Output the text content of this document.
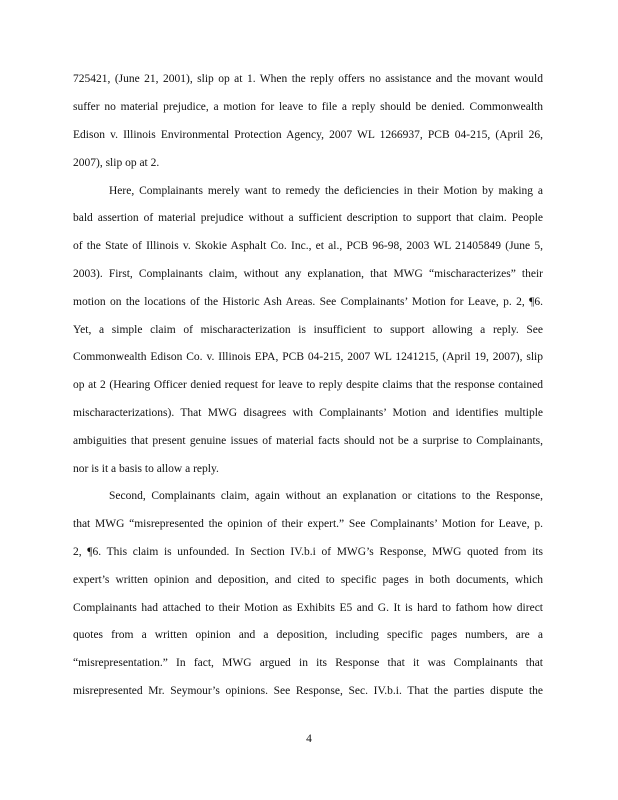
725421, (June 21, 2001), slip op at 1. When the reply offers no assistance and the movant would
suffer no material prejudice, a motion for leave to file a reply should be denied. Commonwealth
Edison v. Illinois Environmental Protection Agency, 2007 WL 1266937, PCB 04-215, (April 26,
2007), slip op at 2.
Here, Complainants merely want to remedy the deficiencies in their Motion by making a
bald assertion of material prejudice without a sufficient description to support that claim. People
of the State of Illinois v. Skokie Asphalt Co. Inc., et al., PCB 96-98, 2003 WL 21405849 (June 5,
2003). First, Complainants claim, without any explanation, that MWG “mischaracterizes” their
motion on the locations of the Historic Ash Areas. See Complainants’ Motion for Leave, p. 2, ¶6.
Yet, a simple claim of mischaracterization is insufficient to support allowing a reply. See
Commonwealth Edison Co. v. Illinois EPA, PCB 04-215, 2007 WL 1241215, (April 19, 2007), slip
op at 2 (Hearing Officer denied request for leave to reply despite claims that the response contained
mischaracterizations). That MWG disagrees with Complainants’ Motion and identifies multiple
ambiguities that present genuine issues of material facts should not be a surprise to Complainants,
nor is it a basis to allow a reply.
Second, Complainants claim, again without an explanation or citations to the Response,
that MWG “misrepresented the opinion of their expert.” See Complainants’ Motion for Leave, p.
2, ¶6. This claim is unfounded. In Section IV.b.i of MWG’s Response, MWG quoted from its
expert’s written opinion and deposition, and cited to specific pages in both documents, which
Complainants had attached to their Motion as Exhibits E5 and G. It is hard to fathom how direct
quotes from a written opinion and a deposition, including specific pages numbers, are a
“misrepresentation.” In fact, MWG argued in its Response that it was Complainants that
misrepresented Mr. Seymour’s opinions. See Response, Sec. IV.b.i. That the parties dispute the
4
